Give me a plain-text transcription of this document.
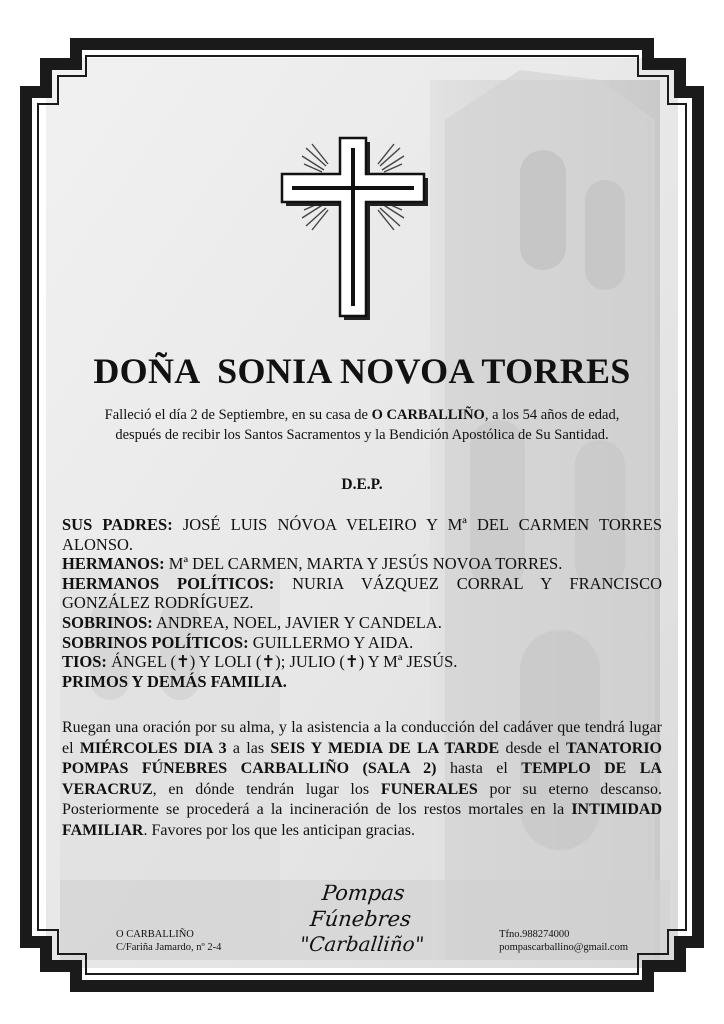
DOÑA  SONIA NOVOA TORRES
Falleció el día 2 de Septiembre, en su casa de O CARBALLIÑO, a los 54 años de edad,
después de recibir los Santos Sacramentos y la Bendición Apostólica de Su Santidad.
D.E.P.

SUS PADRES: JOSÉ LUIS NÓVOA VELEIRO Y Mª DEL CARMEN TORRES ALONSO.

HERMANOS: Mª DEL CARMEN, MARTA Y JESÚS NOVOA TORRES.

HERMANOS POLÍTICOS: NURIA VÁZQUEZ CORRAL Y FRANCISCO GONZÁLEZ RODRÍGUEZ.

SOBRINOS: ANDREA, NOEL, JAVIER Y CANDELA.

SOBRINOS POLÍTICOS: GUILLERMO Y AIDA.

TIOS: ÁNGEL (✝) Y LOLI (✝); JULIO (✝) Y Mª JESÚS.

PRIMOS Y DEMÁS FAMILIA.

Ruegan una oración por su alma, y la asistencia a la conducción del cadáver que tendrá lugar el MIÉRCOLES DIA 3 a las SEIS Y MEDIA DE LA TARDE desde el TANATORIO POMPAS FÚNEBRES CARBALLIÑO (SALA 2) hasta el TEMPLO DE LA VERACRUZ, en dónde tendrán lugar los FUNERALES por su eterno descanso. Posteriormente se procederá a la incineración de los restos mortales en la INTIMIDAD FAMILIAR. Favores por los que les anticipan gracias.
O CARBALLIÑO
C/Fariña Jamardo, nº 2-4
Pompas Fúnebres
"Carballiño"	Tfno.988274000
pompascarballino@gmail.com
